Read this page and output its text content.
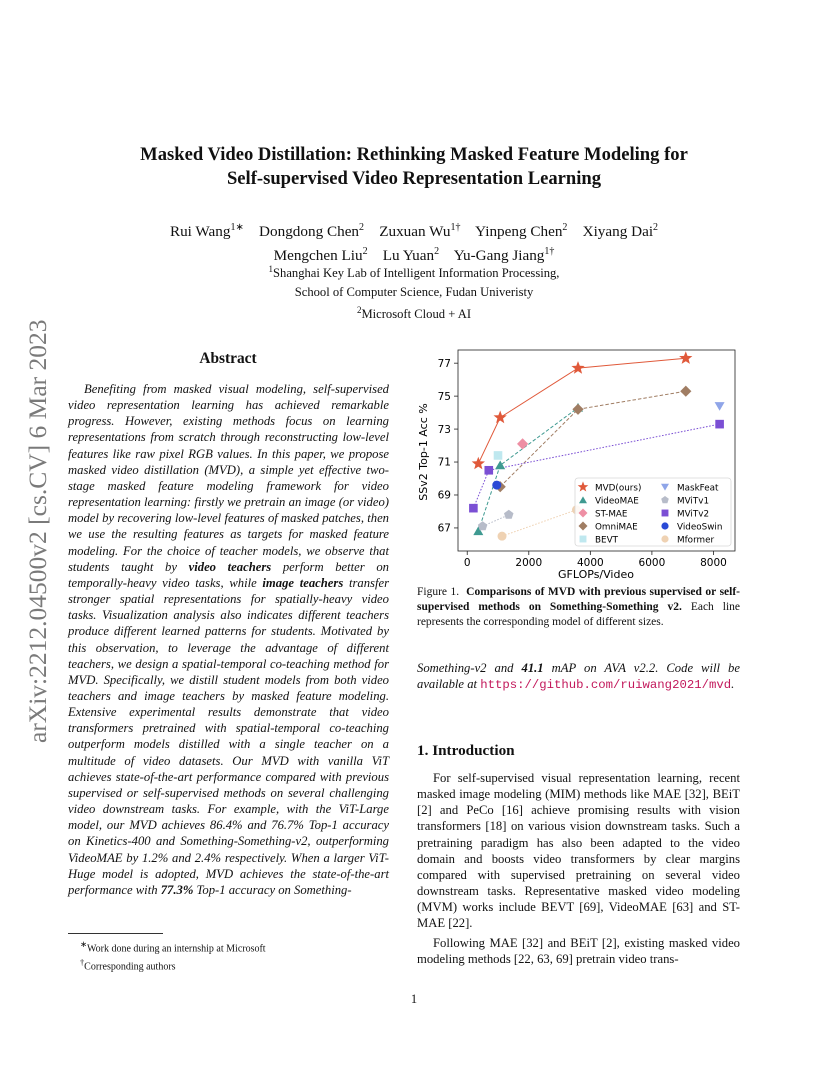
arXiv:2212.04500v2 [cs.CV] 6 Mar 2023
Masked Video Distillation: Rethinking Masked Feature Modeling for
Self-supervised Video Representation Learning
Rui Wang$^{1∗}$ Dongdong Chen$^2$ Zuxuan $Wu^{1\dagger}$ Yinpeng Chen$^2$ Xiyang Dai$^2$
Mengchen Liu$^2$ Lu Yuan$^2$ Yu-Gang Jiang$^{1\dagger}$
$^1$Shanghai Key Lab of Intelligent Information Processing,
School of Computer Science, Fudan Univeristy
$^2$Microsoft Cloud + AI
Abstract

Benefiting from masked visual modeling, self-supervised video representation learning has achieved remarkable progress. However, existing methods focus on learning representations from scratch through reconstructing low-level features like raw pixel RGB values. In this paper, we propose masked video distillation (MVD), a simple yet effective two-stage masked feature modeling framework for video representation learning: firstly we pretrain an image (or video) model by recovering low-level features of masked patches, then we use the resulting features as targets for masked feature modeling. For the choice of teacher models, we observe that students taught by video teachers perform better on temporally-heavy video tasks, while image teachers transfer stronger spatial representations for spatially-heavy video tasks. Visualization analysis also indicates different teachers produce different learned patterns for students. Motivated by this observation, to leverage the advantage of different teachers, we design a spatial-temporal co-teaching method for MVD. Specifically, we distill student models from both video teachers and image teachers by masked feature modeling. Extensive experimental results demonstrate that video transformers pretrained with spatial-temporal co-teaching outperform models distilled with a single teacher on a multitude of video datasets. Our MVD with vanilla ViT achieves state-of-the-art performance compared with previous supervised or self-supervised methods on several challenging video downstream tasks. For example, with the ViT-Large model, our MVD achieves 86.4% and 76.7% Top-1 accuracy on Kinetics-400 and Something-Something-v2, outperforming VideoMAE by 1.2% and 2.4% respectively. When a larger ViT-Huge model is adopted, MVD achieves the state-of-the-art performance with 77.3% Top-1 accuracy on Something-

∗Work done during an internship at Microsoft

†Corresponding authors

1
0	2000	4000	6000	8000
67
69
71
73
75
77
MVD(ours)
VideoMAE
ST-MAE
OmniMAE
BEVT
MaskFeat
MViTv1
MViTv2
VideoSwin
Mformer
SSv2 Top-1 Acc %
GFLOPs/Video
Figure 1. Comparisons of MVD with previous supervised or self-supervised methods on Something-Something v2. Each line represents the corresponding model of different sizes.
Something-v2 and 41.1 mAP on AVA v2.2. Code will be available at https://github.com/ruiwang2021/mvd.
1. Introduction

For self-supervised visual representation learning, recent masked image modeling (MIM) methods like MAE [32], BEiT [2] and PeCo [16] achieve promising results with vision transformers [18] on various vision downstream tasks. Such a pretraining paradigm has also been adapted to the video domain and boosts video transformers by clear margins compared with supervised pretraining on several video downstream tasks. Representative masked video modeling (MVM) works include BEVT [69], VideoMAE [63] and ST-MAE [22].

Following MAE [32] and BEiT [2], existing masked video modeling methods [22, 63, 69] pretrain video trans-
